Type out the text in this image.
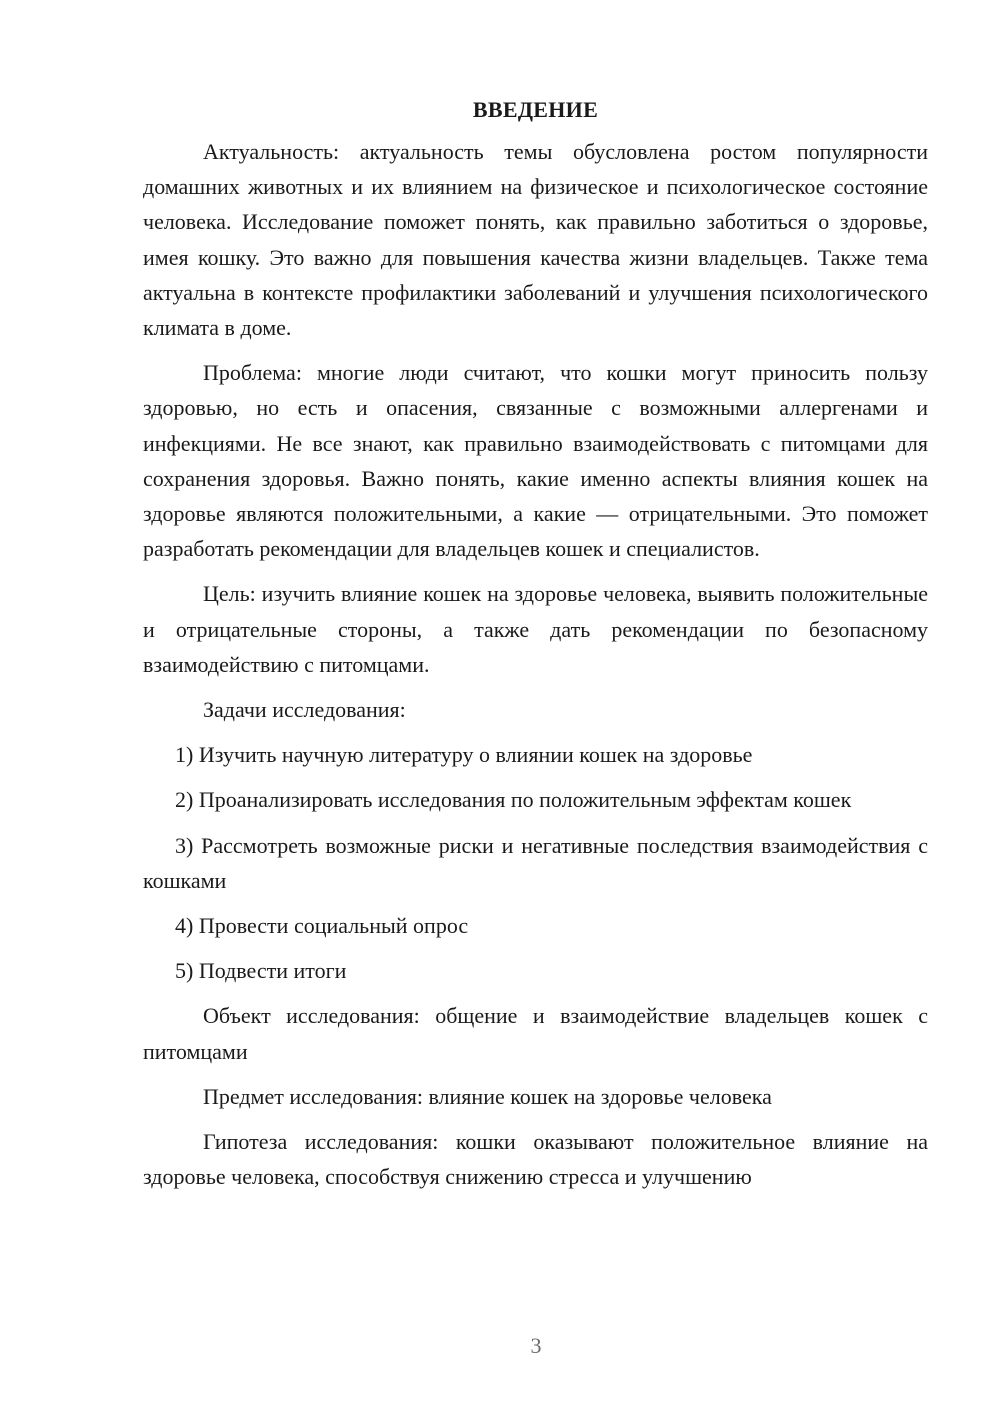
ВВЕДЕНИЕ
Актуальность: актуальность темы обусловлена ростом популярности домашних животных и их влиянием на физическое и психологическое состояние человека. Исследование поможет понять, как правильно заботиться о здоровье, имея кошку. Это важно для повышения качества жизни владельцев. Также тема актуальна в контексте профилактики заболеваний и улучшения психологического климата в доме.
Проблема: многие люди считают, что кошки могут приносить пользу здоровью, но есть и опасения, связанные с возможными аллергенами и инфекциями. Не все знают, как правильно взаимодействовать с питомцами для сохранения здоровья. Важно понять, какие именно аспекты влияния кошек на здоровье являются положительными, а какие — отрицательными. Это поможет разработать рекомендации для владельцев кошек и специалистов.
Цель: изучить влияние кошек на здоровье человека, выявить положительные и отрицательные стороны, а также дать рекомендации по безопасному взаимодействию с питомцами.
Задачи исследования:
1) Изучить научную литературу о влиянии кошек на здоровье
2) Проанализировать исследования по положительным эффектам кошек
3) Рассмотреть возможные риски и негативные последствия взаимодействия с кошками
4) Провести социальный опрос
5) Подвести итоги
Объект исследования: общение и взаимодействие владельцев кошек с питомцами
Предмет исследования: влияние кошек на здоровье человека
Гипотеза исследования: кошки оказывают положительное влияние на здоровье человека, способствуя снижению стресса и улучшению
3
